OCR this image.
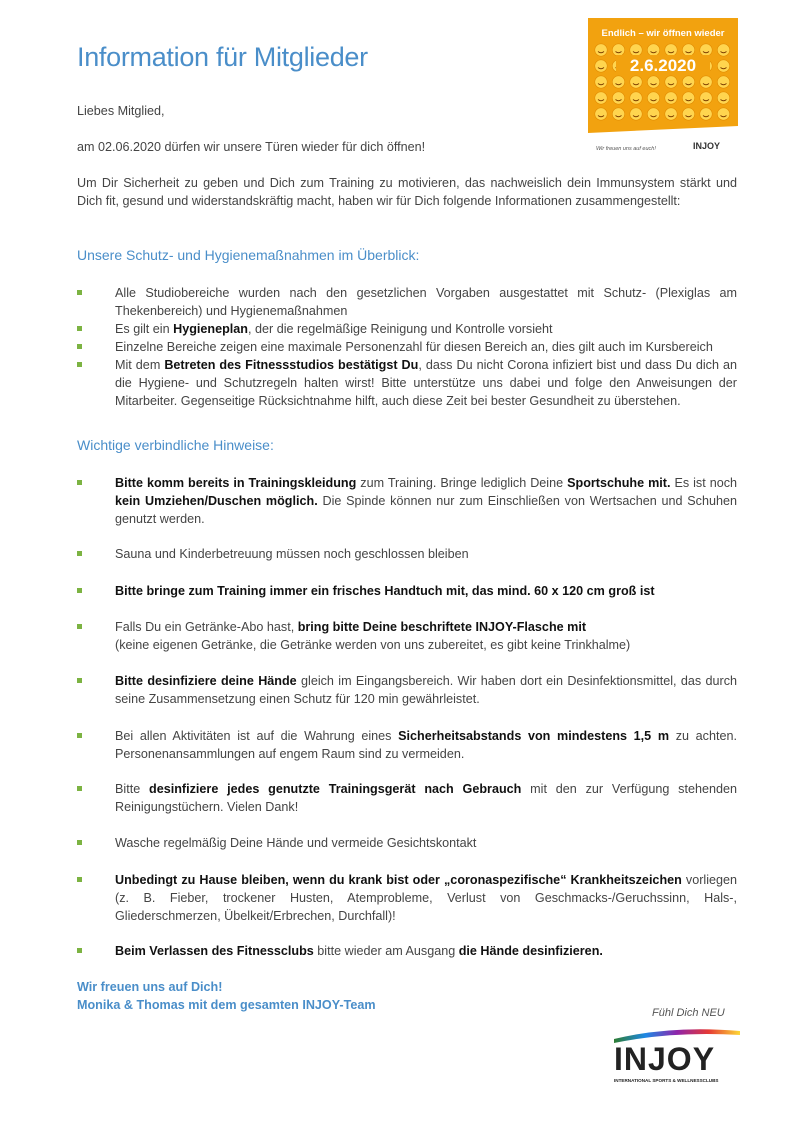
Information für Mitglieder
Endlich – wir öffnen wieder
2.6.2020
Wir freuen uns auf euch!	INJOY
Liebes Mitglied,
am 02.06.2020 dürfen wir unsere Türen wieder für dich öffnen!
Um Dir Sicherheit zu geben und Dich zum Training zu motivieren, das nachweislich dein Immunsystem stärkt und Dich fit, gesund und widerstandskräftig macht, haben wir für Dich folgende Informationen zusammengestellt:
Unsere Schutz- und Hygienemaßnahmen im Überblick:
Alle Studiobereiche wurden nach den gesetzlichen Vorgaben ausgestattet mit Schutz- (Plexiglas am Thekenbereich) und Hygienemaßnahmen
Es gilt ein Hygieneplan, der die regelmäßige Reinigung und Kontrolle vorsieht
Einzelne Bereiche zeigen eine maximale Personenzahl für diesen Bereich an, dies gilt auch im Kursbereich
Mit dem Betreten des Fitnessstudios bestätigst Du, dass Du nicht Corona infiziert bist und dass Du dich an die Hygiene- und Schutzregeln halten wirst! Bitte unterstütze uns dabei und folge den Anweisungen der Mitarbeiter. Gegenseitige Rücksichtnahme hilft, auch diese Zeit bei bester Gesundheit zu überstehen.
Wichtige verbindliche Hinweise:
Bitte komm bereits in Trainingskleidung zum Training. Bringe lediglich Deine Sportschuhe mit. Es ist noch kein Umziehen/Duschen möglich. Die Spinde können nur zum Einschließen von Wertsachen und Schuhen genutzt werden.
Sauna und Kinderbetreuung müssen noch geschlossen bleiben
Bitte bringe zum Training immer ein frisches Handtuch mit, das mind. 60 x 120 cm groß ist
Falls Du ein Getränke-Abo hast, bring bitte Deine beschriftete INJOY-Flasche mit
(keine eigenen Getränke, die Getränke werden von uns zubereitet, es gibt keine Trinkhalme)
Bitte desinfiziere deine Hände gleich im Eingangsbereich. Wir haben dort ein Desinfektionsmittel, das durch seine Zusammensetzung einen Schutz für 120 min gewährleistet.
Bei allen Aktivitäten ist auf die Wahrung eines Sicherheitsabstands von mindestens 1,5 m zu achten. Personenansammlungen auf engem Raum sind zu vermeiden.
Bitte desinfiziere jedes genutzte Trainingsgerät nach Gebrauch mit den zur Verfügung stehenden Reinigungstüchern. Vielen Dank!
Wasche regelmäßig Deine Hände und vermeide Gesichtskontakt
Unbedingt zu Hause bleiben, wenn du krank bist oder „coronaspezifische“ Krankheitszeichen vorliegen (z. B. Fieber, trockener Husten, Atemprobleme, Verlust von Geschmacks-/Geruchssinn, Hals-, Gliederschmerzen, Übelkeit/Erbrechen, Durchfall)!
Beim Verlassen des Fitnessclubs bitte wieder am Ausgang die Hände desinfizieren.
Wir freuen uns auf Dich!
Monika & Thomas mit dem gesamten INJOY-Team
Fühl Dich NEU
INJOY
INTERNATIONAL SPORTS & WELLNESSCLUBS
